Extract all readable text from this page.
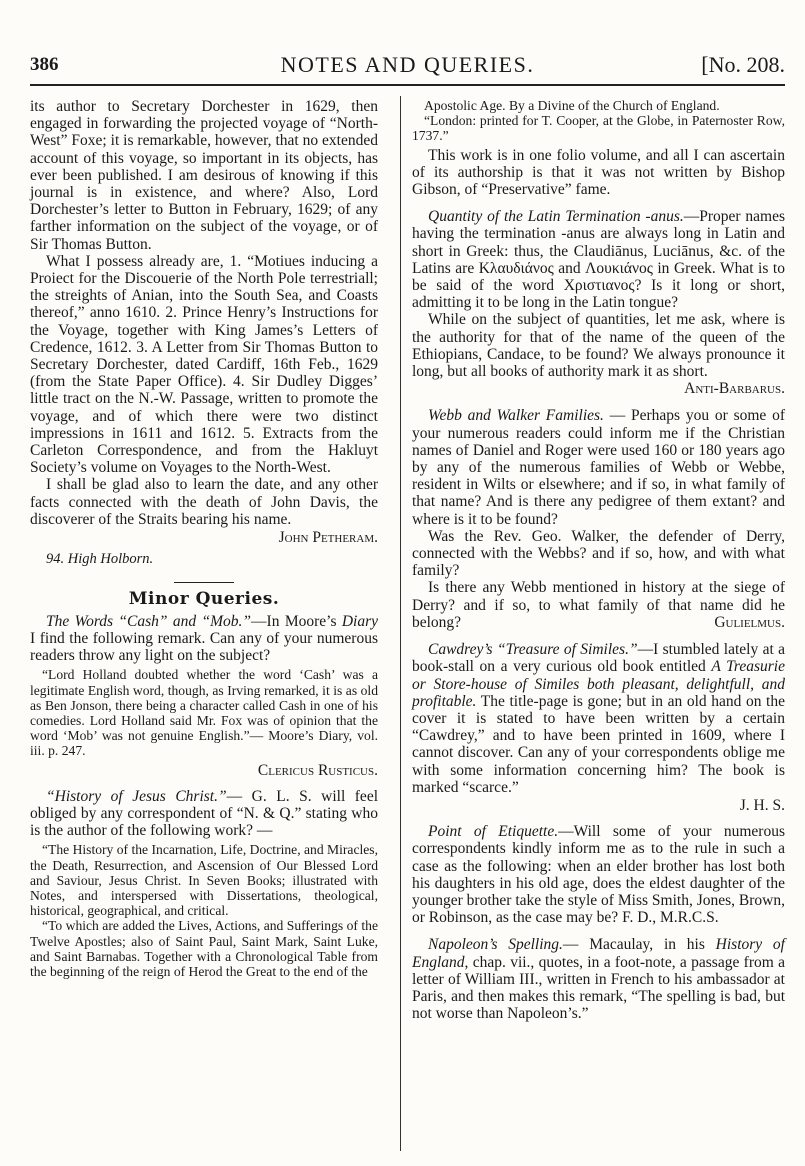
386	NOTES AND QUERIES.	[No. 208.

its author to Secretary Dorchester in 1629, then engaged in forwarding the projected voyage of “North-West” Foxe; it is remarkable, however, that no extended account of this voyage, so important in its objects, has ever been published. I am desirous of knowing if this journal is in existence, and where? Also, Lord Dorchester’s letter to Button in February, 1629; of any farther information on the subject of the voyage, or of Sir Thomas Button.

What I possess already are, 1. “Motiues inducing a Proiect for the Discouerie of the North Pole terrestriall; the streights of Anian, into the South Sea, and Coasts thereof,” anno 1610. 2. Prince Henry’s Instructions for the Voyage, together with King James’s Letters of Credence, 1612. 3. A Letter from Sir Thomas Button to Secretary Dorchester, dated Cardiff, 16th Feb., 1629 (from the State Paper Office). 4. Sir Dudley Digges’ little tract on the N.-W. Passage, written to promote the voyage, and of which there were two distinct impressions in 1611 and 1612. 5. Extracts from the Carleton Correspondence, and from the Hakluyt Society’s volume on Voyages to the North-West.

I shall be glad also to learn the date, and any other facts connected with the death of John Davis, the discoverer of the Straits bearing his name.

John Petheram.
94. High Holborn.
Minor Queries.

The Words “Cash” and “Mob.”—In Moore’s Diary I find the following remark. Can any of your numerous readers throw any light on the subject?

“Lord Holland doubted whether the word ‘Cash’ was a legitimate English word, though, as Irving remarked, it is as old as Ben Jonson, there being a character called Cash in one of his comedies. Lord Holland said Mr. Fox was of opinion that the word ‘Mob’ was not genuine English.”— Moore’s Diary, vol. iii. p. 247.

Clericus Rusticus.

“History of Jesus Christ.”— G. L. S. will feel obliged by any correspondent of “N. & Q.” stating who is the author of the following work? —

“The History of the Incarnation, Life, Doctrine, and Miracles, the Death, Resurrection, and Ascension of Our Blessed Lord and Saviour, Jesus Christ. In Seven Books; illustrated with Notes, and interspersed with Dissertations, theological, historical, geographical, and critical.

“To which are added the Lives, Actions, and Sufferings of the Twelve Apostles; also of Saint Paul, Saint Mark, Saint Luke, and Saint Barnabas. Together with a Chronological Table from the beginning of the reign of Herod the Great to the end of the

Apostolic Age. By a Divine of the Church of England.

“London: printed for T. Cooper, at the Globe, in Paternoster Row, 1737.”

This work is in one folio volume, and all I can ascertain of its authorship is that it was not written by Bishop Gibson, of “Preservative” fame.

Quantity of the Latin Termination -anus.—Proper names having the termination -anus are always long in Latin and short in Greek: thus, the Claudiānus, Luciānus, &c. of the Latins are Κλαυδιάνος and Λουκιάνος in Greek. What is to be said of the word Χριστιανος? Is it long or short, admitting it to be long in the Latin tongue?

While on the subject of quantities, let me ask, where is the authority for that of the name of the queen of the Ethiopians, Candace, to be found? We always pronounce it long, but all books of authority mark it as short.
Anti-Barbarus.

Webb and Walker Families. — Perhaps you or some of your numerous readers could inform me if the Christian names of Daniel and Roger were used 160 or 180 years ago by any of the numerous families of Webb or Webbe, resident in Wilts or elsewhere; and if so, in what family of that name? And is there any pedigree of them extant? and where is it to be found?

Was the Rev. Geo. Walker, the defender of Derry, connected with the Webbs? and if so, how, and with what family?

Is there any Webb mentioned in history at the siege of Derry? and if so, to what family of that name did he belong?	Gulielmus.

Cawdrey’s “Treasure of Similes.”—I stumbled lately at a book-stall on a very curious old book entitled A Treasurie or Store-house of Similes both pleasant, delightfull, and profitable. The title-page is gone; but in an old hand on the cover it is stated to have been written by a certain “Cawdrey,” and to have been printed in 1609, where I cannot discover. Can any of your correspondents oblige me with some information concerning him? The book is marked “scarce.”

J. H. S.

Point of Etiquette.—Will some of your numerous correspondents kindly inform me as to the rule in such a case as the following: when an elder brother has lost both his daughters in his old age, does the eldest daughter of the younger brother take the style of Miss Smith, Jones, Brown, or Robinson, as the case may be? F. D., M.R.C.S.

Napoleon’s Spelling.— Macaulay, in his History of England, chap. vii., quotes, in a foot-note, a passage from a letter of William III., written in French to his ambassador at Paris, and then makes this remark, “The spelling is bad, but not worse than Napoleon’s.”
